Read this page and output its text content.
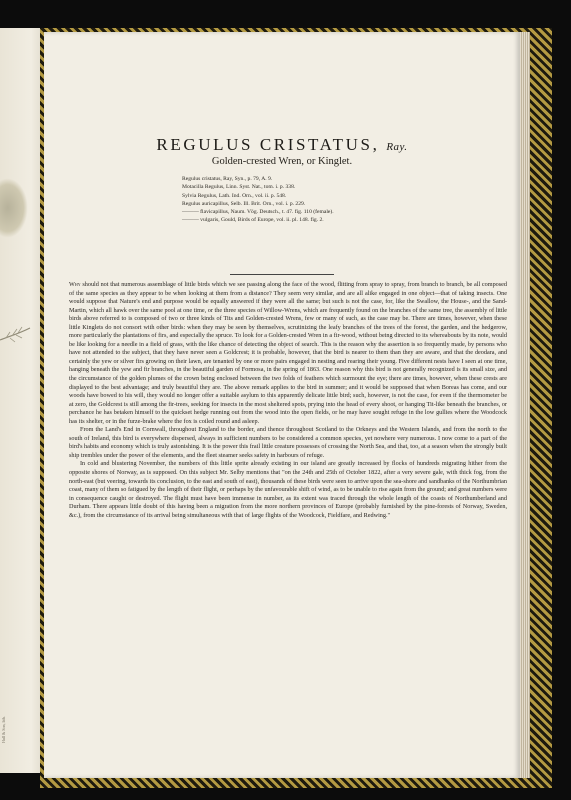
Hull & Son, lith.
REGULUS CRISTATUS, Ray.
Golden-crested Wren, or Kinglet.
Regulus cristatus, Ray, Syn., p. 79, A. 9.
Motacilla Regulus, Linn. Syst. Nat., tom. i. p. 338.
Sylvia Regulus, Lath. Ind. Orn., vol. ii. p. 548.
Regulus auricapillus, Selb. Ill. Brit. Orn., vol. i. p. 229.
——— flavicapillus, Naum. Vög. Deutsch., t. 47. fig. 110 (female).
——— vulgaris, Gould, Birds of Europe, vol. ii. pl. 148. fig. 2.

Why should not that numerous assemblage of little birds which we see passing along the face of the wood, flitting from spray to spray, from branch to branch, be all composed of the same species as they appear to be when looking at them from a distance? They seem very similar, and are all alike engaged in one object—that of taking insects. One would suppose that Nature's end and purpose would be equally answered if they were all the same; but such is not the case, for, like the Swallow, the House-, and the Sand-Martin, which all hawk over the same pool at one time, or the three species of Willow-Wrens, which are frequently found on the branches of the same tree, the assembly of little birds above referred to is composed of two or three kinds of Tits and Golden-crested Wrens, few or many of such, as the case may be. There are times, however, when these little Kinglets do not consort with other birds: when they may be seen by themselves, scrutinizing the leafy branches of the trees of the forest, the garden, and the hedgerow, more particularly the plantations of firs, and especially the spruce. To look for a Golden-crested Wren in a fir-wood, without being directed to its whereabouts by its note, would be like looking for a needle in a field of grass, with the like chance of detecting the object of search. This is the reason why the assertion is so frequently made, by persons who have not attended to the subject, that they have never seen a Goldcrest; it is probable, however, that the bird is nearer to them than they are aware, and that the deodara, and certainly the yew or silver firs growing on their lawn, are tenanted by one or more pairs engaged in nesting and rearing their young. Five different nests have I seen at one time, hanging beneath the yew and fir branches, in the beautiful garden of Formosa, in the spring of 1863. One reason why this bird is not generally recognized is its small size, and the circumstance of the golden plumes of the crown being enclosed between the two folds of feathers which surmount the eye; there are times, however, when these crests are displayed to the best advantage; and truly beautiful they are. The above remark applies to the bird in summer; and it would be supposed that when Boreas has come, and our woods have bowed to his will, they would no longer offer a suitable asylum to this apparently delicate little bird; such, however, is not the case, for even if the thermometer be at zero, the Goldcrest is still among the fir-trees, seeking for insects in the most sheltered spots, prying into the head of every shoot, or hanging Tit-like beneath the branches, or perchance he has betaken himself to the quickset hedge running out from the wood into the open fields, or he may have sought refuge in the low gullies where the Woodcock has its shelter, or in the furze-brake where the fox is coiled round and asleep.

From the Land's End in Cornwall, throughout England to the border, and thence throughout Scotland to the Orkneys and the Western Islands, and from the north to the south of Ireland, this bird is everywhere dispersed, always in sufficient numbers to be considered a common species, yet nowhere very numerous. I now come to a part of the bird's habits and economy which is truly astonishing. It is the power this frail little creature possesses of crossing the North Sea, and that, too, at a season when the strongly built ship trembles under the power of the elements, and the fleet steamer seeks safety in harbours of refuge.

In cold and blustering November, the numbers of this little sprite already existing in our island are greatly increased by flocks of hundreds migrating hither from the opposite shores of Norway, as is supposed. On this subject Mr. Selby mentions that "on the 24th and 25th of October 1822, after a very severe gale, with thick fog, from the north-east (but veering, towards its conclusion, to the east and south of east), thousands of these birds were seen to arrive upon the sea-shore and sandbanks of the Northumbrian coast, many of them so fatigued by the length of their flight, or perhaps by the unfavourable shift of wind, as to be unable to rise again from the ground; and great numbers were in consequence caught or destroyed. The flight must have been immense in number, as its extent was traced through the whole length of the coasts of Northumberland and Durham. There appears little doubt of this having been a migration from the more northern provinces of Europe (probably furnished by the pine-forests of Norway, Sweden, &c.), from the circumstance of its arrival being simultaneous with that of large flights of the Woodcock, Fieldfare, and Redwing."
